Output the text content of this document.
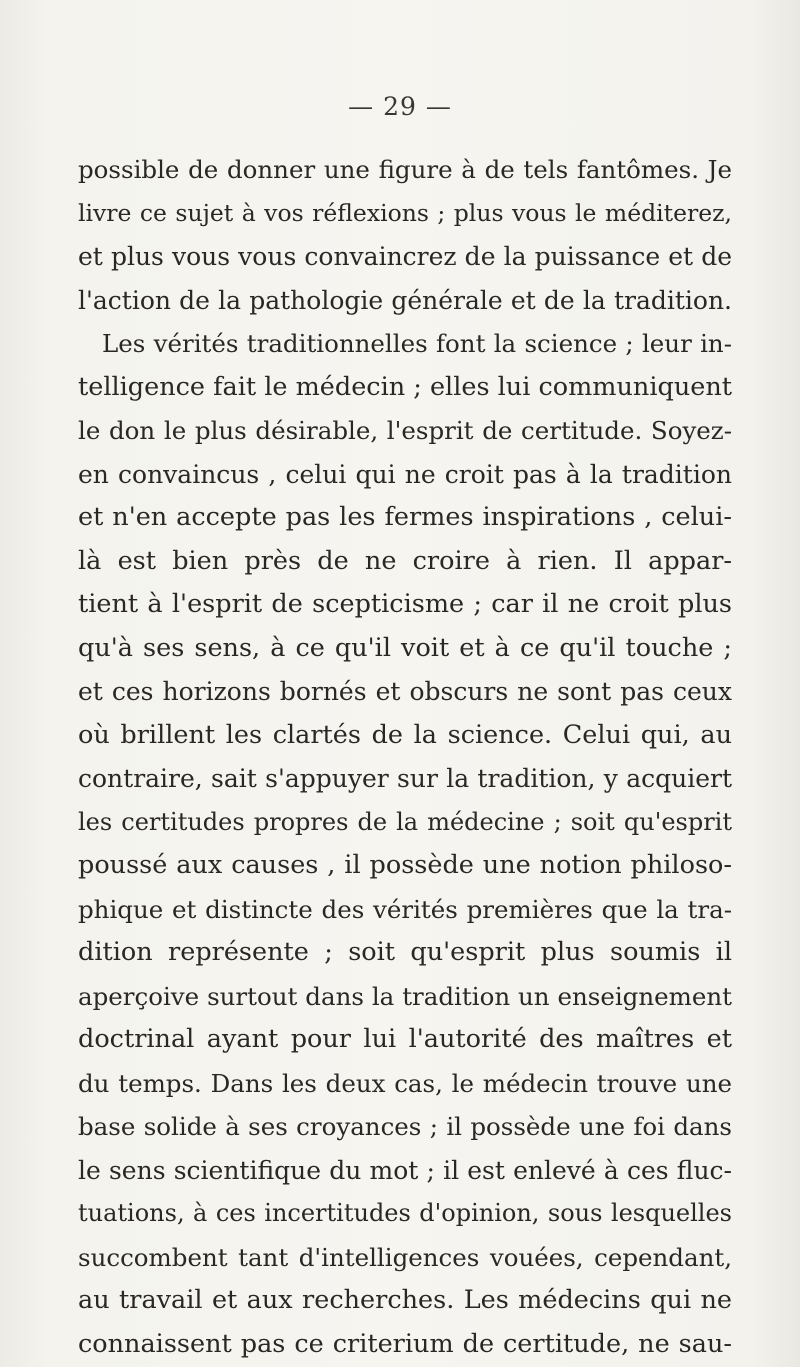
— 29 —
possible de donner une figure à de tels fantômes. Je
livre ce sujet à vos réflexions ; plus vous le méditerez,
et plus vous vous convaincrez de la puissance et de
l'action de la pathologie générale et de la tradition.
Les vérités traditionnelles font la science ; leur in-
telligence fait le médecin ; elles lui communiquent
le don le plus désirable, l'esprit de certitude. Soyez-
en convaincus , celui qui ne croit pas à la tradition
et n'en accepte pas les fermes inspirations , celui-
là est bien près de ne croire à rien. Il appar-
tient à l'esprit de scepticisme ; car il ne croit plus
qu'à ses sens, à ce qu'il voit et à ce qu'il touche ;
et ces horizons bornés et obscurs ne sont pas ceux
où brillent les clartés de la science. Celui qui, au
contraire, sait s'appuyer sur la tradition, y acquiert
les certitudes propres de la médecine ; soit qu'esprit
poussé aux causes , il possède une notion philoso-
phique et distincte des vérités premières que la tra-
dition représente ; soit qu'esprit plus soumis il
aperçoive surtout dans la tradition un enseignement
doctrinal ayant pour lui l'autorité des maîtres et
du temps. Dans les deux cas, le médecin trouve une
base solide à ses croyances ; il possède une foi dans
le sens scientifique du mot ; il est enlevé à ces fluc-
tuations, à ces incertitudes d'opinion, sous lesquelles
succombent tant d'intelligences vouées, cependant,
au travail et aux recherches. Les médecins qui ne
connaissent pas ce criterium de certitude, ne sau-
